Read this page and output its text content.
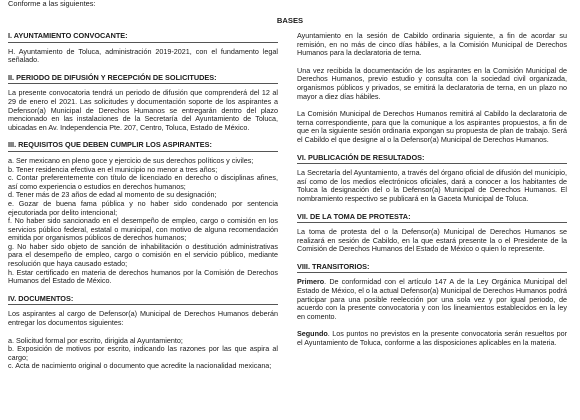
Conforme a las siguientes:
BASES
I. AYUNTAMIENTO CONVOCANTE:

H. Ayuntamiento de Toluca, administración 2019-2021, con el fundamento legal señalado.

II. PERIODO DE DIFUSIÓN Y RECEPCIÓN DE SOLICITUDES:

La presente convocatoria tendrá un periodo de difusión que comprenderá del 12 al 29 de enero el 2021. Las solicitudes y documentación soporte de los aspirantes a Defensor(a) Municipal de Derechos Humanos se entregarán dentro del plazo mencionado en las instalaciones de la Secretaría del Ayuntamiento de Toluca, ubicadas en Av. Independencia Pte. 207, Centro, Toluca, Estado de México.

III. REQUISITOS QUE DEBEN CUMPLIR LOS ASPIRANTES:
a. Ser mexicano en pleno goce y ejercicio de sus derechos políticos y civiles;
b. Tener residencia efectiva en el municipio no menor a tres años;
c. Contar preferentemente con título de licenciado en derecho o disciplinas afines, así como experiencia o estudios en derechos humanos;
d. Tener más de 23 años de edad al momento de su designación;
e. Gozar de buena fama pública y no haber sido condenado por sentencia ejecutoriada por delito intencional;
f. No haber sido sancionado en el desempeño de empleo, cargo o comisión en los servicios público federal, estatal o municipal, con motivo de alguna recomendación emitida por organismos públicos de derechos humanos;
g. No haber sido objeto de sanción de inhabilitación o destitución administrativas para el desempeño de empleo, cargo o comisión en el servicio público, mediante resolución que haya causado estado;
h. Estar certificado en materia de derechos humanos por la Comisión de Derechos Humanos del Estado de México.
IV. DOCUMENTOS:

Los aspirantes al cargo de Defensor(a) Municipal de Derechos Humanos deberán entregar los documentos siguientes:

a. Solicitud formal por escrito, dirigida al Ayuntamiento;
b. Exposición de motivos por escrito, indicando las razones por las que aspira al cargo;
c. Acta de nacimiento original o documento que acredite la nacionalidad mexicana;

Ayuntamiento en la sesión de Cabildo ordinaria siguiente, a fin de acordar su remisión, en no más de cinco días hábiles, a la Comisión Municipal de Derechos Humanos para la declaratoria de terna.

Una vez recibida la documentación de los aspirantes en la Comisión Municipal de Derechos Humanos, previo estudio y consulta con la sociedad civil organizada, organismos públicos y privados, se emitirá la declaratoria de terna, en un plazo no mayor a diez días hábiles.

La Comisión Municipal de Derechos Humanos remitirá al Cabildo la declaratoria de terna correspondiente, para que la comunique a los aspirantes propuestos, a fin de que en la siguiente sesión ordinaria expongan su propuesta de plan de trabajo. Será el Cabildo el que designe al o la Defensor(a) Municipal de Derechos Humanos.

VI. PUBLICACIÓN DE RESULTADOS:

La Secretaría del Ayuntamiento, a través del órgano oficial de difusión del municipio, así como de los medios electrónicos oficiales, dará a conocer a los habitantes de Toluca la designación del o la Defensor(a) Municipal de Derechos Humanos. El nombramiento respectivo se publicará en la Gaceta Municipal de Toluca.

VII. DE LA TOMA DE PROTESTA:

La toma de protesta del o la Defensor(a) Municipal de Derechos Humanos se realizará en sesión de Cabildo, en la que estará presente la o el Presidente de la Comisión de Derechos Humanos del Estado de México o quien lo represente.

VIII. TRANSITORIOS:

Primero. De conformidad con el artículo 147 A de la Ley Orgánica Municipal del Estado de México, el o la actual Defensor(a) Municipal de Derechos Humanos podrá participar para una posible reelección por una sola vez y por igual periodo, de acuerdo con la presente convocatoria y con los lineamientos establecidos en la ley en comento.

Segundo. Los puntos no previstos en la presente convocatoria serán resueltos por el Ayuntamiento de Toluca, conforme a las disposiciones aplicables en la materia.
